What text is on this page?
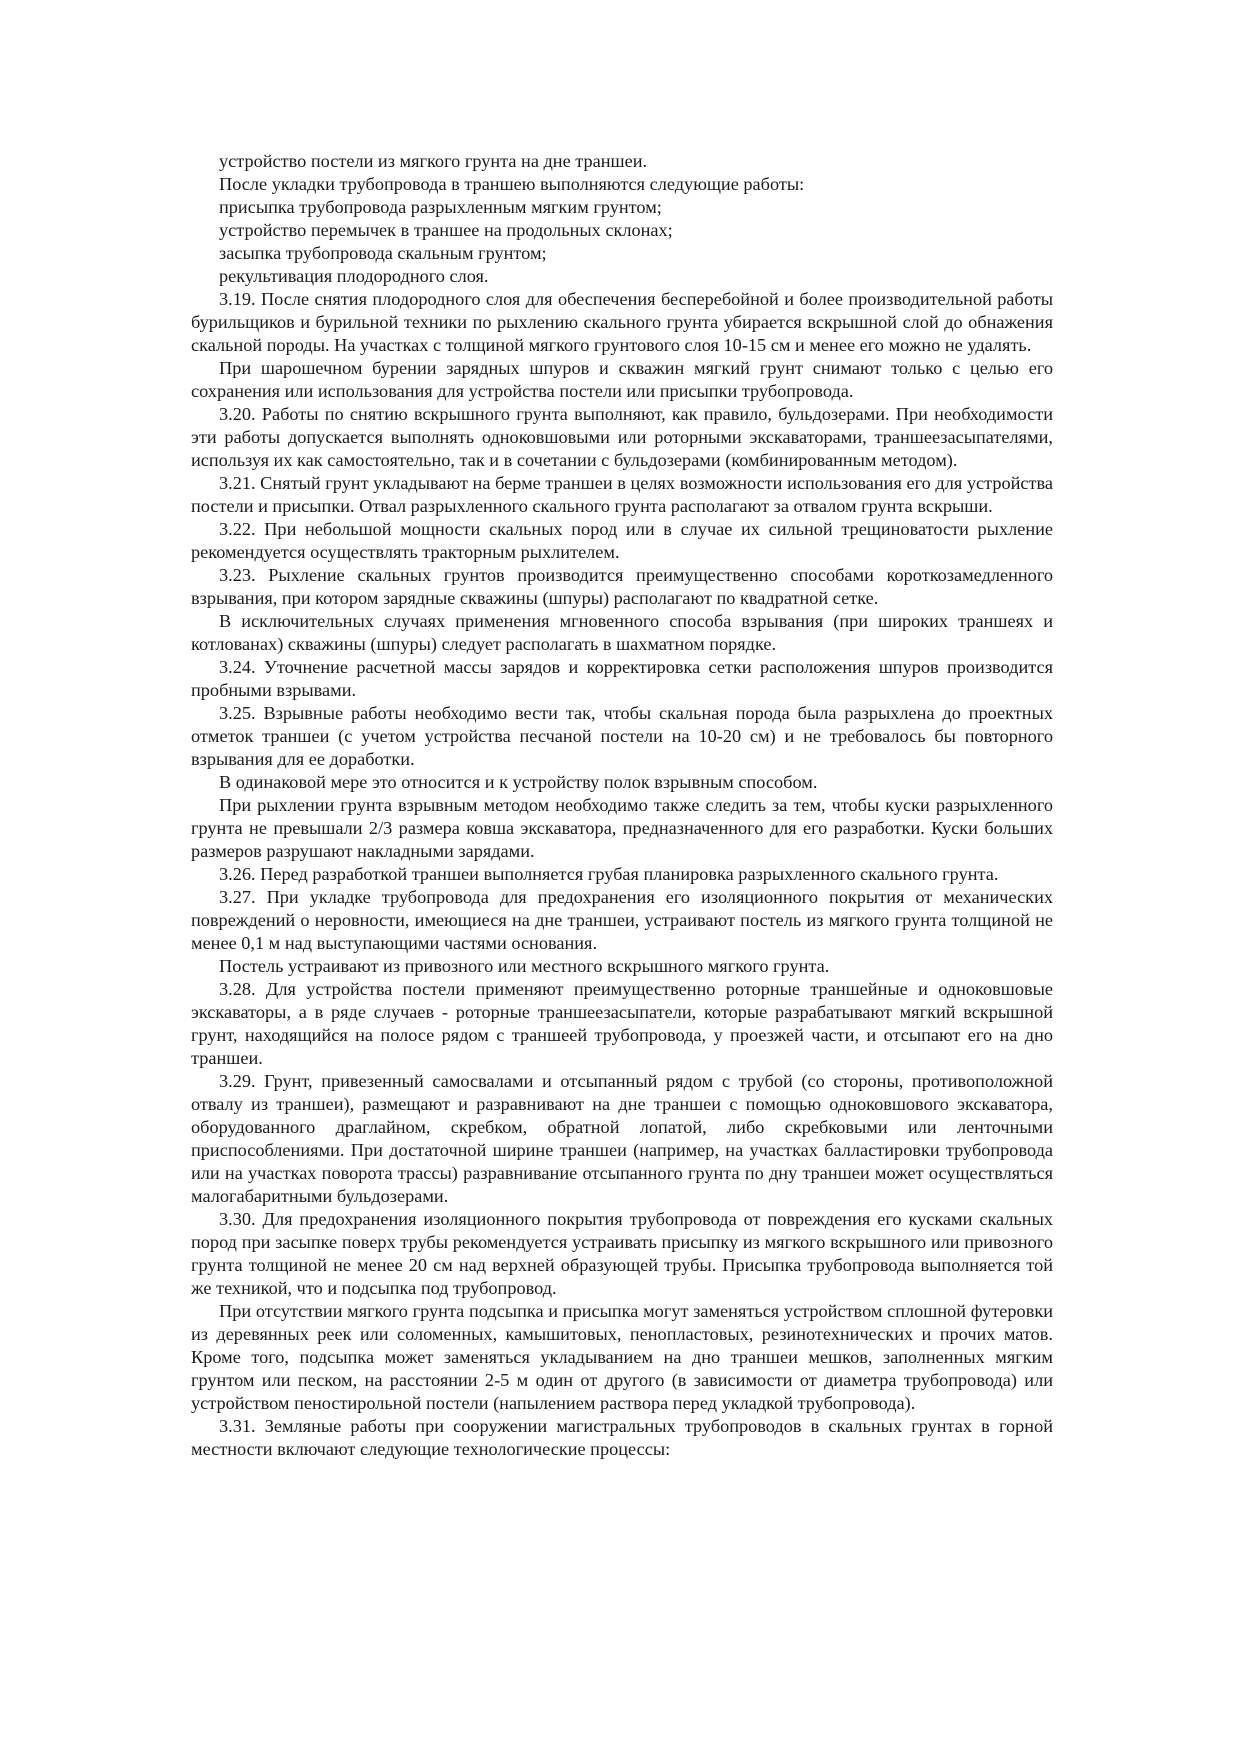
устройство постели из мягкого грунта на дне траншеи.

После укладки трубопровода в траншею выполняются следующие работы:

присыпка трубопровода разрыхленным мягким грунтом;

устройство перемычек в траншее на продольных склонах;

засыпка трубопровода скальным грунтом;

рекультивация плодородного слоя.

3.19. После снятия плодородного слоя для обеспечения бесперебойной и более производительной работы бурильщиков и бурильной техники по рыхлению скального грунта убирается вскрышной слой до обнажения скальной породы. На участках с толщиной мягкого грунтового слоя 10-15 см и менее его можно не удалять.

При шарошечном бурении зарядных шпуров и скважин мягкий грунт снимают только с целью его сохранения или использования для устройства постели или присыпки трубопровода.

3.20. Работы по снятию вскрышного грунта выполняют, как правило, бульдозерами. При необходимости эти работы допускается выполнять одноковшовыми или роторными экскаваторами, траншеезасыпателями, используя их как самостоятельно, так и в сочетании с бульдозерами (комбинированным методом).

3.21. Снятый грунт укладывают на берме траншеи в целях возможности использования его для устройства постели и присыпки. Отвал разрыхленного скального грунта располагают за отвалом грунта вскрыши.

3.22. При небольшой мощности скальных пород или в случае их сильной трещиноватости рыхление рекомендуется осуществлять тракторным рыхлителем.

3.23. Рыхление скальных грунтов производится преимущественно способами короткозамедленного взрывания, при котором зарядные скважины (шпуры) располагают по квадратной сетке.

В исключительных случаях применения мгновенного способа взрывания (при широких траншеях и котлованах) скважины (шпуры) следует располагать в шахматном порядке.

3.24. Уточнение расчетной массы зарядов и корректировка сетки расположения шпуров производится пробными взрывами.

3.25. Взрывные работы необходимо вести так, чтобы скальная порода была разрыхлена до проектных отметок траншеи (с учетом устройства песчаной постели на 10-20 см) и не требовалось бы повторного взрывания для ее доработки.

В одинаковой мере это относится и к устройству полок взрывным способом.

При рыхлении грунта взрывным методом необходимо также следить за тем, чтобы куски разрыхленного грунта не превышали 2/3 размера ковша экскаватора, предназначенного для его разработки. Куски больших размеров разрушают накладными зарядами.

3.26. Перед разработкой траншеи выполняется грубая планировка разрыхленного скального грунта.

3.27. При укладке трубопровода для предохранения его изоляционного покрытия от механических повреждений о неровности, имеющиеся на дне траншеи, устраивают постель из мягкого грунта толщиной не менее 0,1 м над выступающими частями основания.

Постель устраивают из привозного или местного вскрышного мягкого грунта.

3.28. Для устройства постели применяют преимущественно роторные траншейные и одноковшовые экскаваторы, а в ряде случаев - роторные траншеезасыпатели, которые разрабатывают мягкий вскрышной грунт, находящийся на полосе рядом с траншеей трубопровода, у проезжей части, и отсыпают его на дно траншеи.

3.29. Грунт, привезенный самосвалами и отсыпанный рядом с трубой (со стороны, противоположной отвалу из траншеи), размещают и разравнивают на дне траншеи с помощью одноковшового экскаватора, оборудованного драглайном, скребком, обратной лопатой, либо скребковыми или ленточными приспособлениями. При достаточной ширине траншеи (например, на участках балластировки трубопровода или на участках поворота трассы) разравнивание отсыпанного грунта по дну траншеи может осуществляться малогабаритными бульдозерами.

3.30. Для предохранения изоляционного покрытия трубопровода от повреждения его кусками скальных пород при засыпке поверх трубы рекомендуется устраивать присыпку из мягкого вскрышного или привозного грунта толщиной не менее 20 см над верхней образующей трубы. Присыпка трубопровода выполняется той же техникой, что и подсыпка под трубопровод.

При отсутствии мягкого грунта подсыпка и присыпка могут заменяться устройством сплошной футеровки из деревянных реек или соломенных, камышитовых, пенопластовых, резинотехнических и прочих матов. Кроме того, подсыпка может заменяться укладыванием на дно траншеи мешков, заполненных мягким грунтом или песком, на расстоянии 2-5 м один от другого (в зависимости от диаметра трубопровода) или устройством пеностирольной постели (напылением раствора перед укладкой трубопровода).

3.31. Земляные работы при сооружении магистральных трубопроводов в скальных грунтах в горной местности включают следующие технологические процессы:
